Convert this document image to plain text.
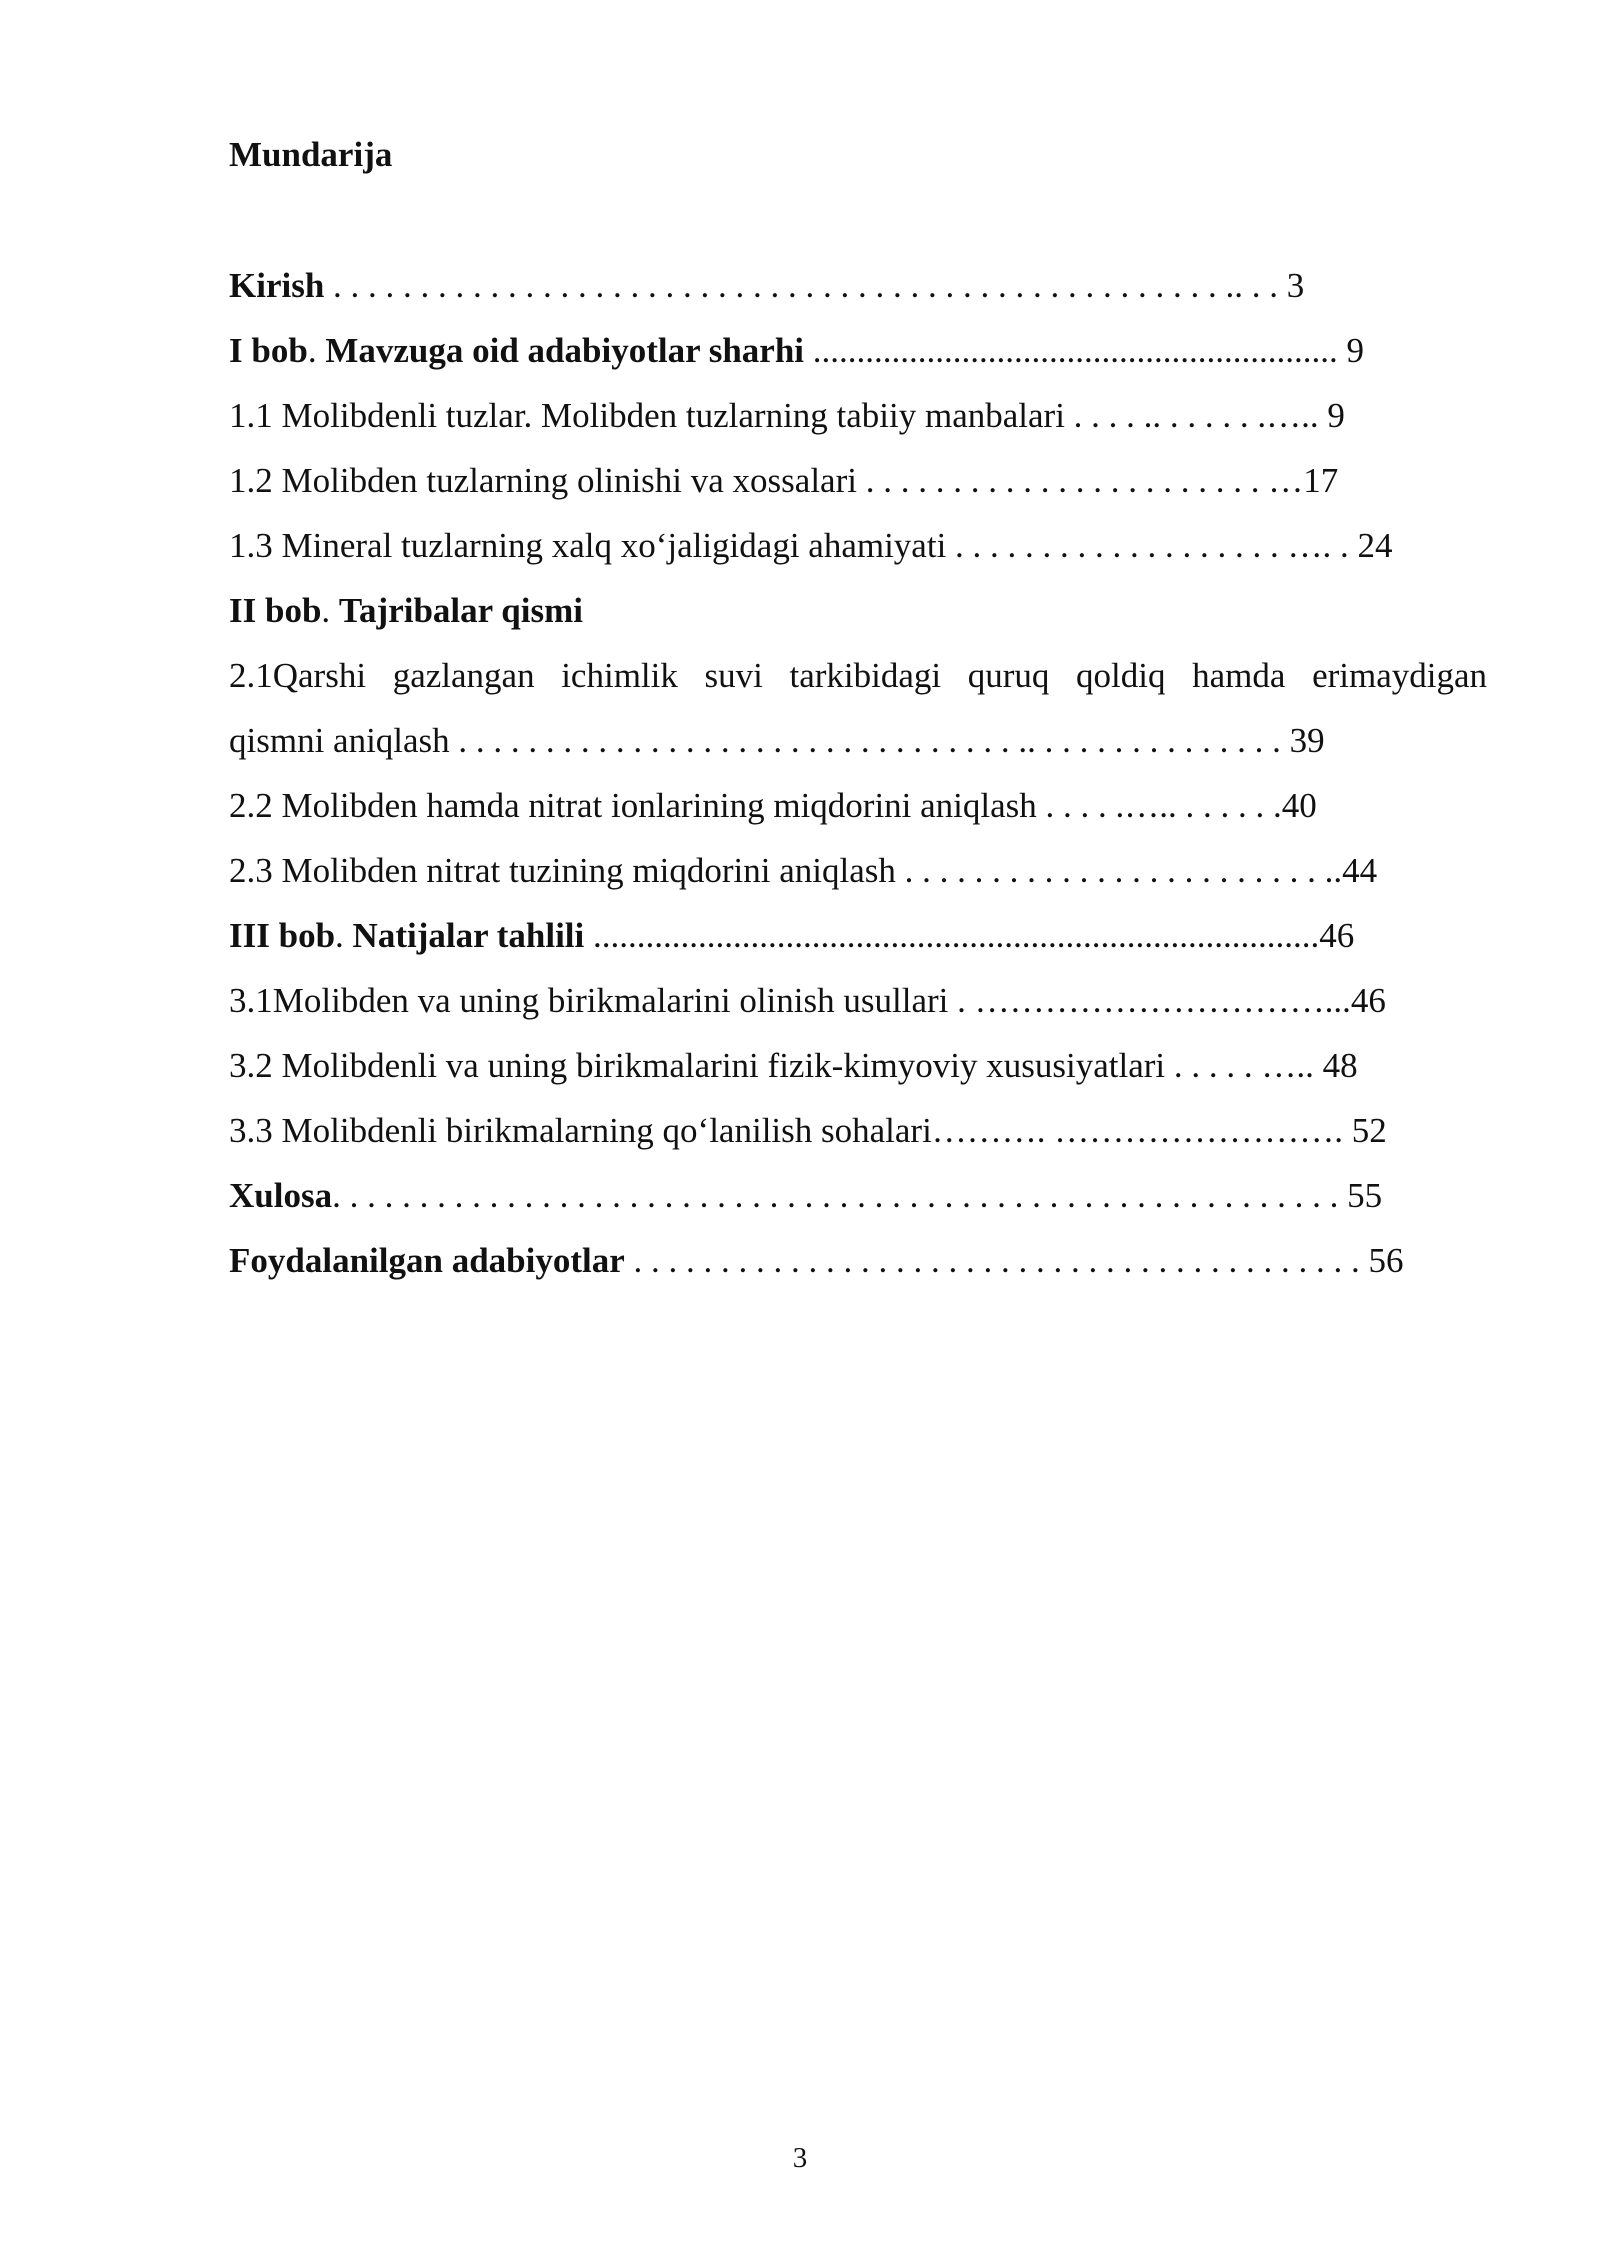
Mundarija
Kirish . . . . . . . . . . . . . . . . . . . . . . . . . . . . . . . . . . . . . . . . . . . . . . . . . . . .. . . 3
I bob. Mavzuga oid adabiyotlar sharhi ............................................................ 9
1.1 Molibdenli tuzlar. Molibden tuzlarning tabiiy manbalari . . . . .. . . . . . .….. 9
1.2 Molibden tuzlarning olinishi va xossalari . . . . . . . . . . . . . . . . . . . . . . . …17
1.3 Mineral tuzlarning xalq xo‘jaligidagi ahamiyati . . . . . . . . . . . . . . . . . . . …. . 24
II bob. Tajribalar qismi
2.1Qarshi gazlangan ichimlik suvi tarkibidagi quruq qoldiq hamda erimaydigan
qismni aniqlash . . . . . . . . . . . . . . . . . . . . . . . . . . . . . . . . .. . . . . . . . . . . . . . . 39
2.2 Molibden hamda nitrat ionlarining miqdorini aniqlash . . . . .….. . . . . . .40
2.3 Molibden nitrat tuzining miqdorini aniqlash . . . . . . . . . . . . . . . . . . . . . . . . ..44
III bob. Natijalar tahlili ...................................................................................46
3.1Molibden va uning birikmalarini olinish usullari . …………………………...46
3.2 Molibdenli va uning birikmalarini fizik-kimyoviy xususiyatlari . . . . . ….. 48
3.3 Molibdenli birikmalarning qo‘lanilish sohalari………. ……………………. 52
Xulosa. . . . . . . . . . . . . . . . . . . . . . . . . . . . . . . . . . . . . . . . . . . . . . . . . . . . . . . . . . 55
Foydalanilgan adabiyotlar . . . . . . . . . . . . . . . . . . . . . . . . . . . . . . . . . . . . . . . . . . 56
3
